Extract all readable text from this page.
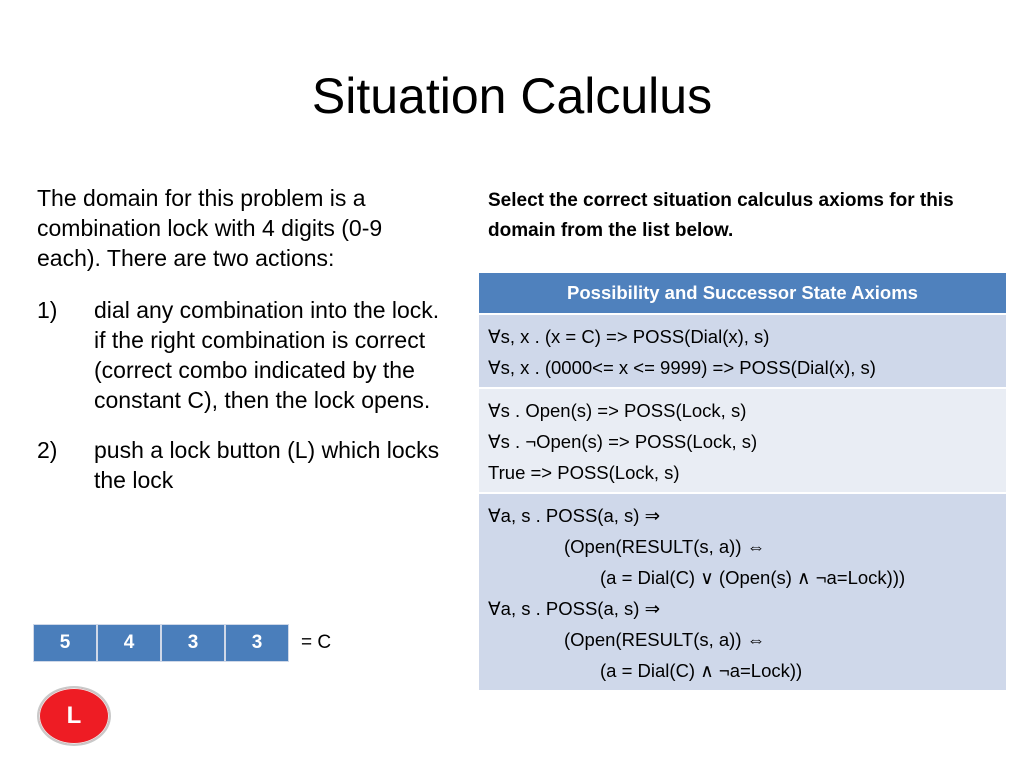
Situation Calculus

The domain for this problem is a combination lock with 4 digits (0-9 each). There are two actions:

1)	dial any combination into the lock. if the right combination is correct (correct combo indicated by the constant C), then the lock opens.
2)	push a lock button (L) which locks the lock
5	4	3	3	= C
L
Select the correct situation calculus axioms for this domain from the list below.
Possibility and Successor State Axioms
∀s, x . (x = C) => POSS(Dial(x), s)
∀s, x . (0000<= x <= 9999) => POSS(Dial(x), s)
∀s . Open(s) => POSS(Lock, s)
∀s . ¬Open(s) => POSS(Lock, s)
True => POSS(Lock, s)
∀a, s . POSS(a, s) ⇒
(Open(RESULT(s, a)) ⇔
(a = Dial(C) ∨ (Open(s) ∧ ¬a=Lock)))
∀a, s . POSS(a, s) ⇒
(Open(RESULT(s, a)) ⇔
(a = Dial(C) ∧ ¬a=Lock))
